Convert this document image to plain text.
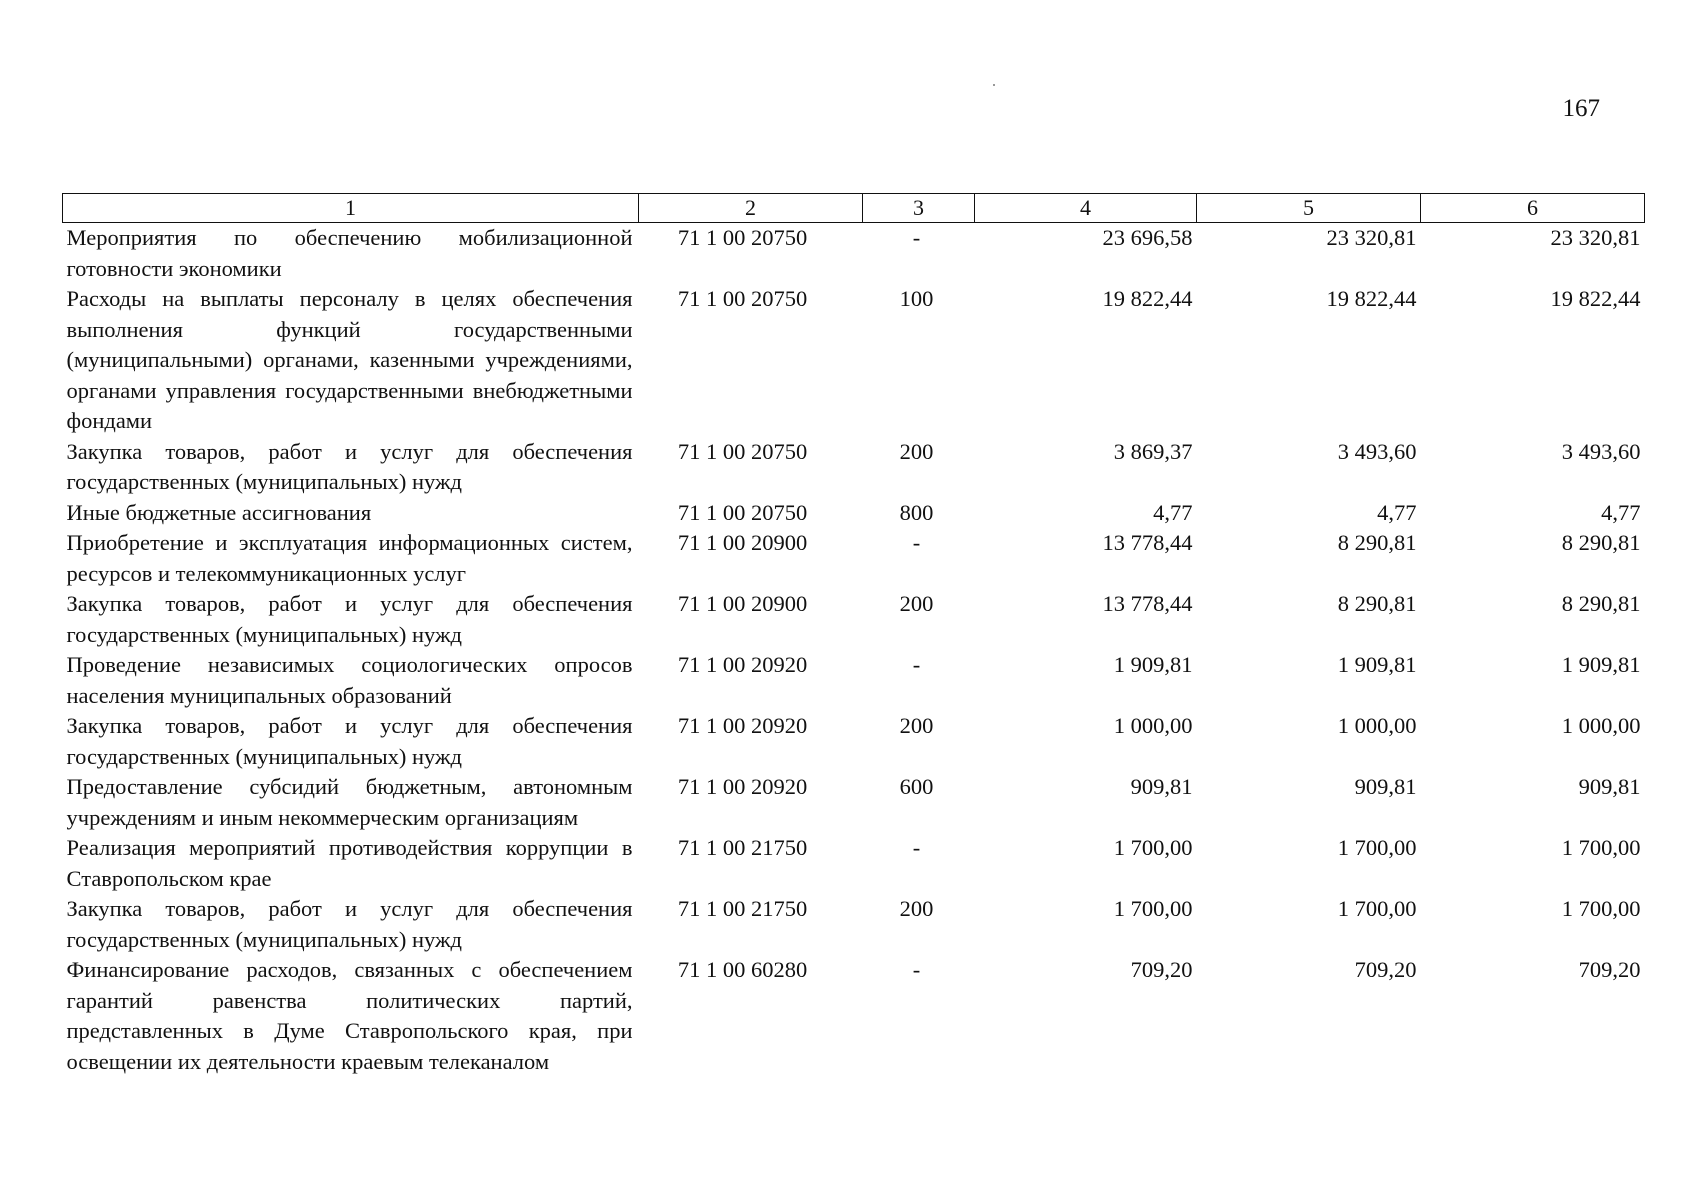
167
1	2	3	4	5	6
Мероприятия по обеспечению мобилизационной готовности экономики	71 1 00 20750	-	23 696,58	23 320,81	23 320,81
Расходы на выплаты персоналу в целях обеспечения выполнения функций государственными (муниципальными) органами, казенными учреждениями, органами управления государственными внебюджетными фондами	71 1 00 20750	100	19 822,44	19 822,44	19 822,44
Закупка товаров, работ и услуг для обеспечения государственных (муниципальных) нужд	71 1 00 20750	200	3 869,37	3 493,60	3 493,60
Иные бюджетные ассигнования	71 1 00 20750	800	4,77	4,77	4,77
Приобретение и эксплуатация информационных систем, ресурсов и телекоммуникационных услуг	71 1 00 20900	-	13 778,44	8 290,81	8 290,81
Закупка товаров, работ и услуг для обеспечения государственных (муниципальных) нужд	71 1 00 20900	200	13 778,44	8 290,81	8 290,81
Проведение независимых социологических опросов населения муниципальных образований	71 1 00 20920	-	1 909,81	1 909,81	1 909,81
Закупка товаров, работ и услуг для обеспечения государственных (муниципальных) нужд	71 1 00 20920	200	1 000,00	1 000,00	1 000,00
Предоставление субсидий бюджетным, автономным учреждениям и иным некоммерческим организациям	71 1 00 20920	600	909,81	909,81	909,81
Реализация мероприятий противодействия коррупции в Ставропольском крае	71 1 00 21750	-	1 700,00	1 700,00	1 700,00
Закупка товаров, работ и услуг для обеспечения государственных (муниципальных) нужд	71 1 00 21750	200	1 700,00	1 700,00	1 700,00
Финансирование расходов, связанных с обеспечением гарантий равенства политических партий, представленных в Думе Ставропольского края, при освещении их деятельности краевым телеканалом	71 1 00 60280	-	709,20	709,20	709,20
